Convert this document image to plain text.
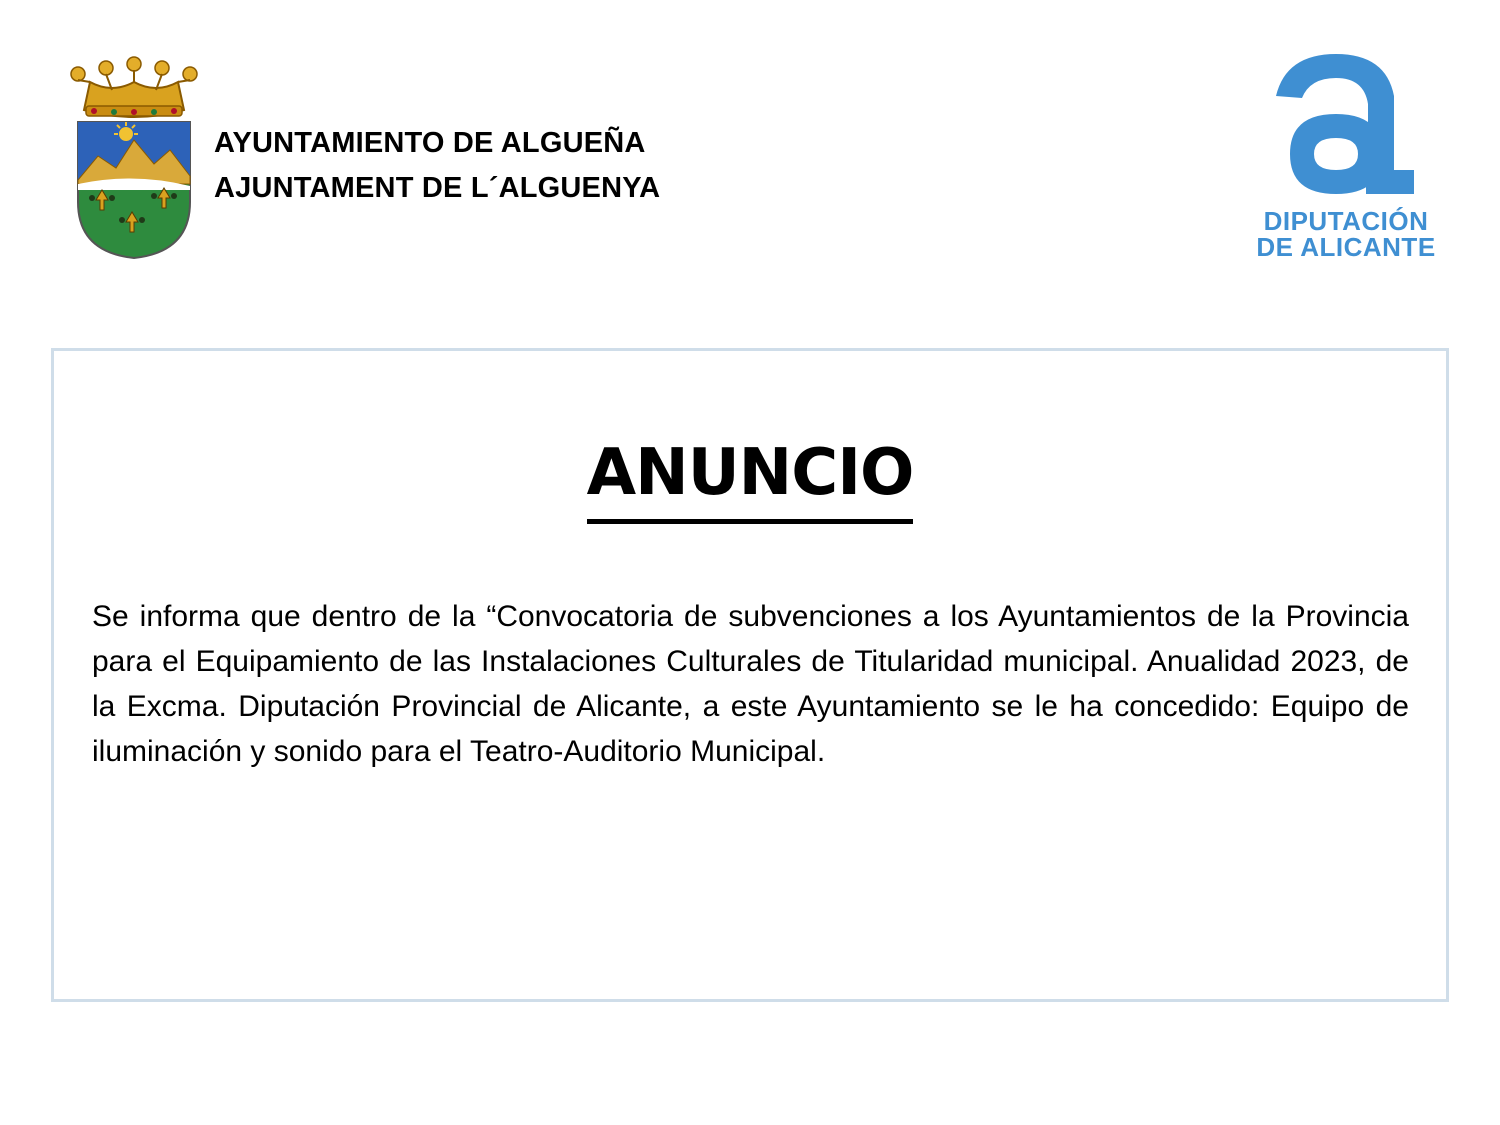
AYUNTAMIENTO DE ALGUEÑA
AJUNTAMENT DE L´ALGUENYA
DIPUTACIÓN
DE ALICANTE
ANUNCIO
Se informa que dentro de la “Convocatoria de subvenciones a los Ayuntamientos de la Provincia para el Equipamiento de las Instalaciones Culturales de Titularidad municipal. Anualidad 2023, de la Excma. Diputación Provincial de Alicante, a este Ayuntamiento se le ha concedido: Equipo de iluminación y sonido para el Teatro-Auditorio Municipal.
